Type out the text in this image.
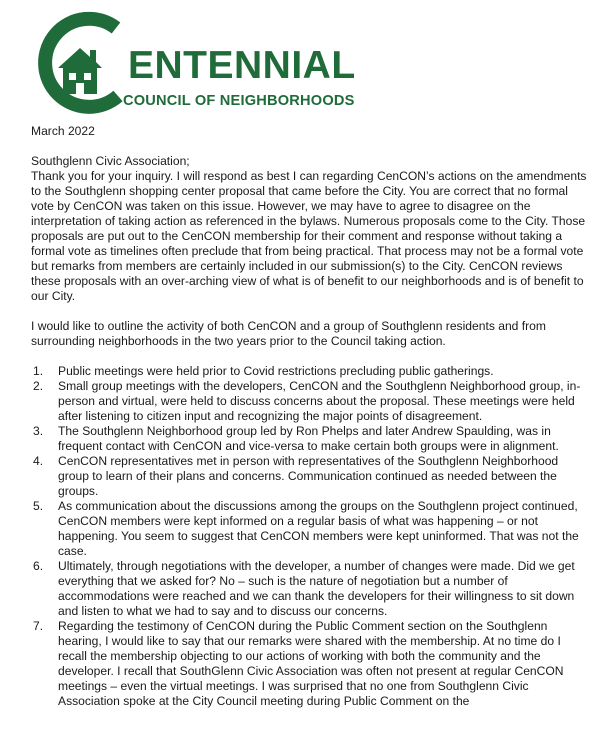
ENTENNIAL
COUNCIL OF NEIGHBORHOODS

March 2022

Southglenn Civic Association;

Thank you for your inquiry. I will respond as best I can regarding CenCON’s actions on the amendments to the Southglenn shopping center proposal that came before the City. You are correct that no formal vote by CenCON was taken on this issue. However, we may have to agree to disagree on the interpretation of taking action as referenced in the bylaws. Numerous proposals come to the City. Those proposals are put out to the CenCON membership for their comment and response without taking a formal vote as timelines often preclude that from being practical. That process may not be a formal vote but remarks from members are certainly included in our submission(s) to the City. CenCON reviews these proposals with an over-arching view of what is of benefit to our neighborhoods and is of benefit to our City.

I would like to outline the activity of both CenCON and a group of Southglenn residents and from surrounding neighborhoods in the two years prior to the Council taking action.

1. Public meetings were held prior to Covid restrictions precluding public gatherings.
2. Small group meetings with the developers, CenCON and the Southglenn Neighborhood group, in-person and virtual, were held to discuss concerns about the proposal. These meetings were held after listening to citizen input and recognizing the major points of disagreement.
3. The Southglenn Neighborhood group led by Ron Phelps and later Andrew Spaulding, was in frequent contact with CenCON and vice-versa to make certain both groups were in alignment.
4. CenCON representatives met in person with representatives of the Southglenn Neighborhood group to learn of their plans and concerns. Communication continued as needed between the groups.
5. As communication about the discussions among the groups on the Southglenn project continued, CenCON members were kept informed on a regular basis of what was happening – or not happening. You seem to suggest that CenCON members were kept uninformed. That was not the case.
6. Ultimately, through negotiations with the developer, a number of changes were made. Did we get everything that we asked for? No – such is the nature of negotiation but a number of accommodations were reached and we can thank the developers for their willingness to sit down and listen to what we had to say and to discuss our concerns.
7. Regarding the testimony of CenCON during the Public Comment section on the Southglenn hearing, I would like to say that our remarks were shared with the membership. At no time do I recall the membership objecting to our actions of working with both the community and the developer. I recall that SouthGlenn Civic Association was often not present at regular CenCON meetings – even the virtual meetings. I was surprised that no one from Southglenn Civic Association spoke at the City Council meeting during Public Comment on the
